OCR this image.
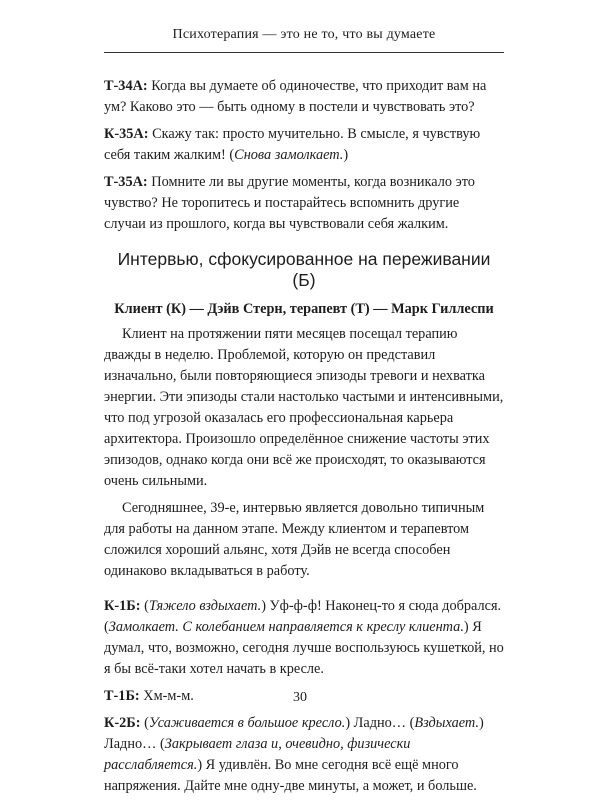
Психотерапия — это не то, что вы думаете

Т-34А: Когда вы думаете об одиночестве, что приходит вам на ум? Каково это — быть одному в постели и чувствовать это?

К-35А: Скажу так: просто мучительно. В смысле, я чувствую себя таким жалким! (Снова замолкает.)

Т-35А: Помните ли вы другие моменты, когда возникало это чувство? Не торопитесь и постарайтесь вспомнить другие случаи из прошлого, когда вы чувствовали себя жалким.

Интервью, сфокусированное на переживании (Б)

Клиент (К) — Дэйв Стерн, терапевт (Т) — Марк Гиллеспи

Клиент на протяжении пяти месяцев посещал терапию дважды в неделю. Проблемой, которую он представил изначально, были повторяющиеся эпизоды тревоги и нехватка энергии. Эти эпизоды стали настолько частыми и интенсивными, что под угрозой оказалась его профессиональная карьера архитектора. Произошло определённое снижение частоты этих эпизодов, однако когда они всё же происходят, то оказываются очень сильными.

Сегодняшнее, 39-е, интервью является довольно типичным для работы на данном этапе. Между клиентом и терапевтом сложился хороший альянс, хотя Дэйв не всегда способен одинаково вкладываться в работу.

К-1Б: (Тяжело вздыхает.) Уф-ф-ф! Наконец-то я сюда добрался. (Замолкает. С колебанием направляется к креслу клиента.) Я думал, что, возможно, сегодня лучше воспользуюсь кушеткой, но я бы всё-таки хотел начать в кресле.

Т-1Б: Хм-м-м.

К-2Б: (Усаживается в большое кресло.) Ладно… (Вздыхает.) Ладно… (Закрывает глаза и, очевидно, физически расслабляется.) Я удивлён. Во мне сегодня всё ещё много напряжения. Дайте мне одну-две минуты, а может, и больше.

30
